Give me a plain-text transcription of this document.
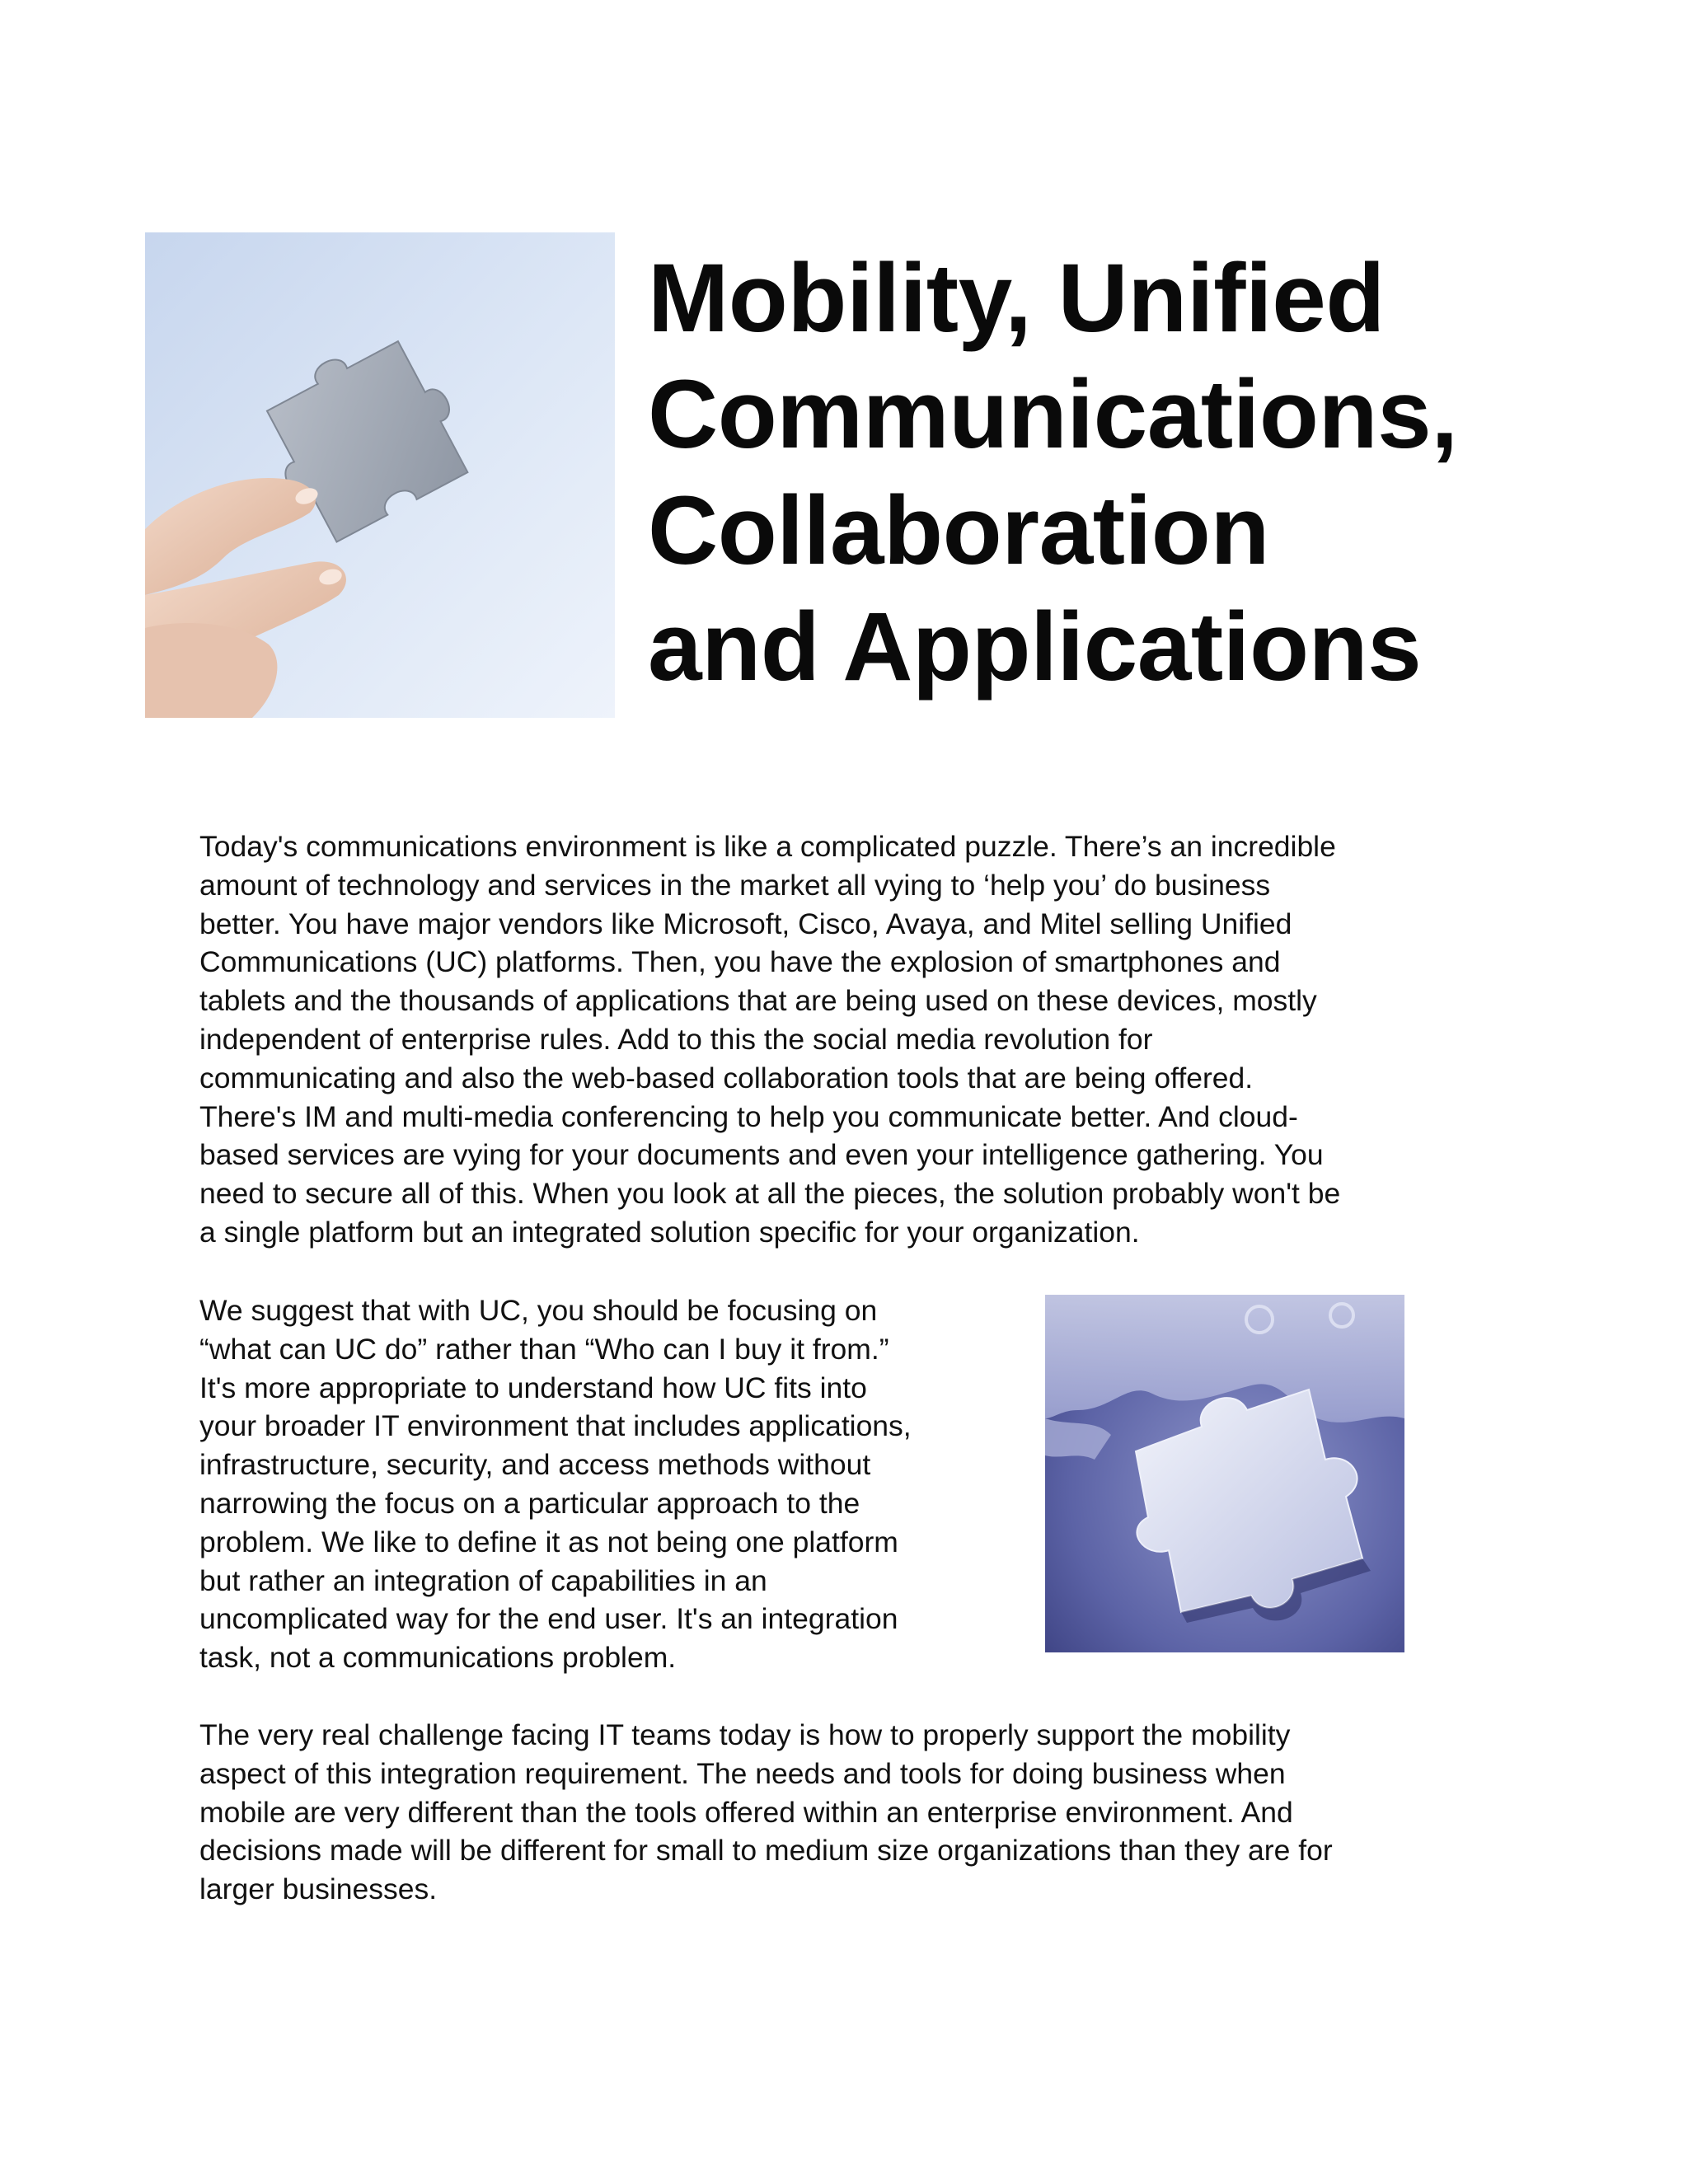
Mobility, Unified
Communications,
Collaboration
and Applications

Today's communications environment is like a complicated puzzle. There’s an incredible
amount of technology and services in the market all vying to ‘help you’ do business
better. You have major vendors like Microsoft, Cisco, Avaya, and Mitel selling Unified
Communications (UC) platforms. Then, you have the explosion of smartphones and
tablets and the thousands of applications that are being used on these devices, mostly
independent of enterprise rules. Add to this the social media revolution for
communicating and also the web-based collaboration tools that are being offered.
There's IM and multi-media conferencing to help you communicate better. And cloud-
based services are vying for your documents and even your intelligence gathering. You
need to secure all of this. When you look at all the pieces, the solution probably won't be
a single platform but an integrated solution specific for your organization.

We suggest that with UC, you should be focusing on
“what can UC do” rather than “Who can I buy it from.”
It's more appropriate to understand how UC fits into
your broader IT environment that includes applications,
infrastructure, security, and access methods without
narrowing the focus on a particular approach to the
problem. We like to define it as not being one platform
but rather an integration of capabilities in an
uncomplicated way for the end user. It's an integration
task, not a communications problem.

The very real challenge facing IT teams today is how to properly support the mobility
aspect of this integration requirement. The needs and tools for doing business when
mobile are very different than the tools offered within an enterprise environment. And
decisions made will be different for small to medium size organizations than they are for
larger businesses.
